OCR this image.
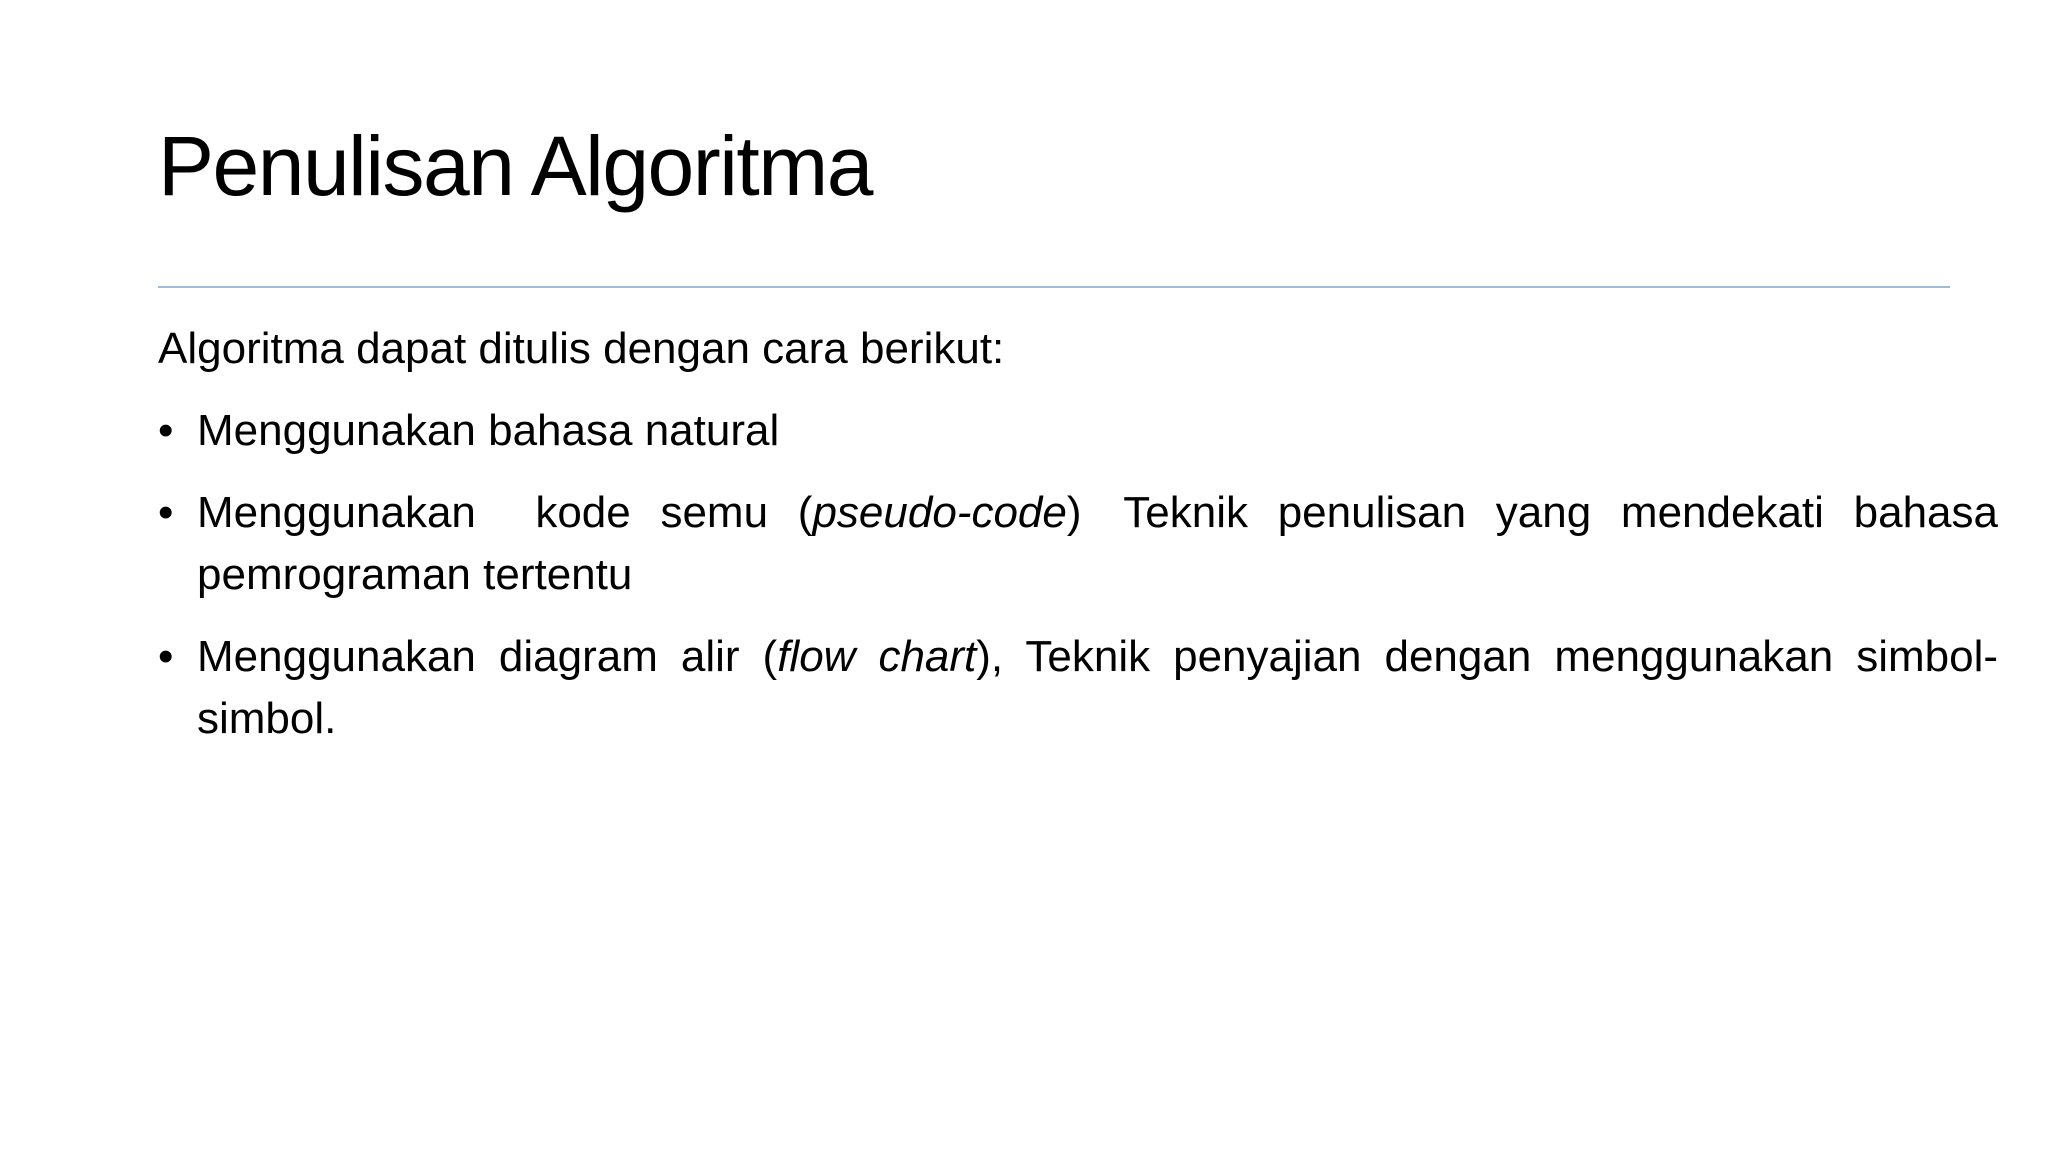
Penulisan Algoritma

Algoritma dapat ditulis dengan cara berikut:

• Menggunakan bahasa natural
• Menggunakan  kode semu (pseudo-code) Teknik penulisan yang mendekati bahasa pemrograman tertentu
• Menggunakan diagram alir (flow chart), Teknik penyajian dengan menggunakan simbol-simbol.
